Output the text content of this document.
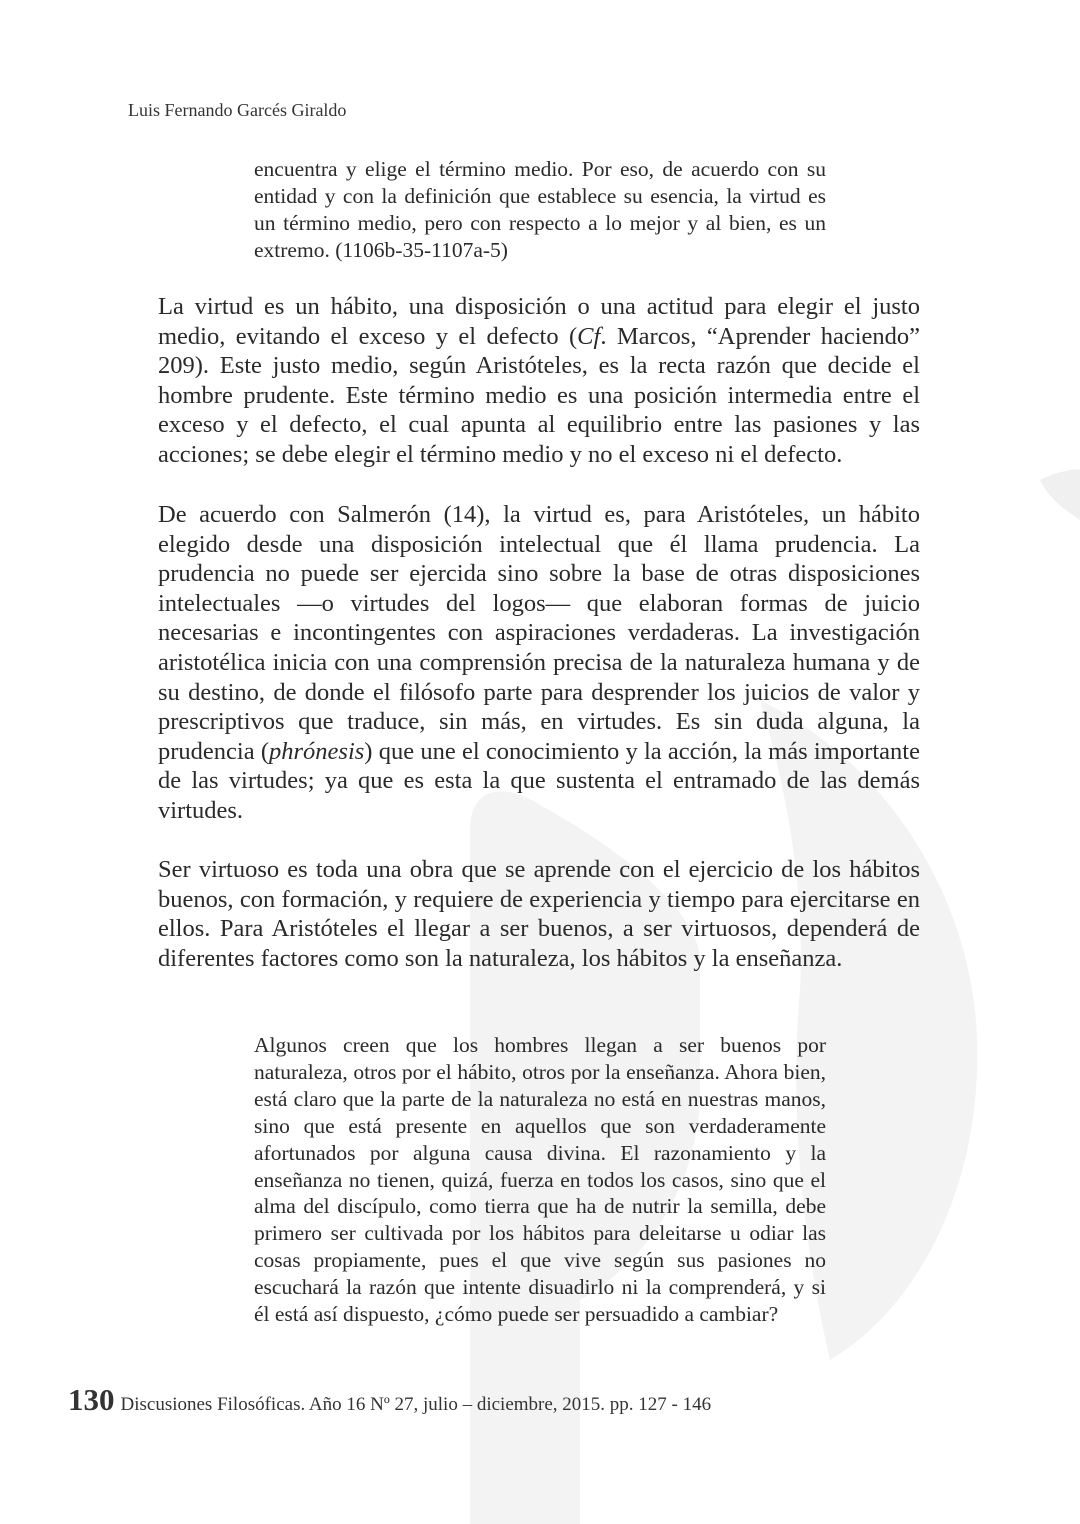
Luis Fernando Garcés Giraldo

encuentra y elige el término medio. Por eso, de acuerdo con su entidad y con la definición que establece su esencia, la virtud es un término medio, pero con respecto a lo mejor y al bien, es un extremo. (1106b-35-1107a-5)

La virtud es un hábito, una disposición o una actitud para elegir el justo medio, evitando el exceso y el defecto (Cf. Marcos, “Aprender haciendo” 209). Este justo medio, según Aristóteles, es la recta razón que decide el hombre prudente. Este término medio es una posición intermedia entre el exceso y el defecto, el cual apunta al equilibrio entre las pasiones y las acciones; se debe elegir el término medio y no el exceso ni el defecto.

De acuerdo con Salmerón (14), la virtud es, para Aristóteles, un hábito elegido desde una disposición intelectual que él llama prudencia. La prudencia no puede ser ejercida sino sobre la base de otras disposiciones intelectuales —o virtudes del logos— que elaboran formas de juicio necesarias e incontingentes con aspiraciones verdaderas. La investigación aristotélica inicia con una comprensión precisa de la naturaleza humana y de su destino, de donde el filósofo parte para desprender los juicios de valor y prescriptivos que traduce, sin más, en virtudes. Es sin duda alguna, la prudencia (phrónesis) que une el conocimiento y la acción, la más importante de las virtudes; ya que es esta la que sustenta el entramado de las demás virtudes.

Ser virtuoso es toda una obra que se aprende con el ejercicio de los hábitos buenos, con formación, y requiere de experiencia y tiempo para ejercitarse en ellos. Para Aristóteles el llegar a ser buenos, a ser virtuosos, dependerá de diferentes factores como son la naturaleza, los hábitos y la enseñanza.

Algunos creen que los hombres llegan a ser buenos por naturaleza, otros por el hábito, otros por la enseñanza. Ahora bien, está claro que la parte de la naturaleza no está en nuestras manos, sino que está presente en aquellos que son verdaderamente afortunados por alguna causa divina. El razonamiento y la enseñanza no tienen, quizá, fuerza en todos los casos, sino que el alma del discípulo, como tierra que ha de nutrir la semilla, debe primero ser cultivada por los hábitos para deleitarse u odiar las cosas propiamente, pues el que vive según sus pasiones no escuchará la razón que intente disuadirlo ni la comprenderá, y si él está así dispuesto, ¿cómo puede ser persuadido a cambiar?

130 Discusiones Filosóficas. Año 16 Nº 27, julio – diciembre, 2015. pp. 127 - 146
